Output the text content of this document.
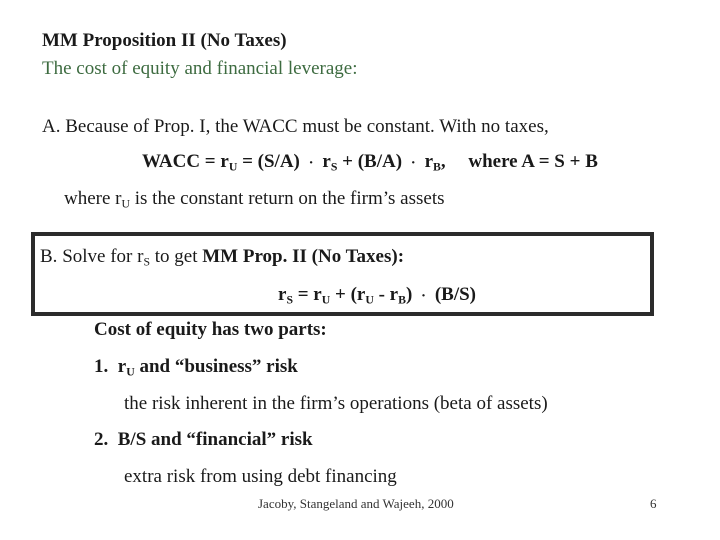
MM Proposition II (No Taxes)
The cost of equity and financial leverage:
A. Because of Prop. I, the WACC must be constant. With no taxes,
WACC = $r_U = (S/A) \cdot r_S + (B/A) \cdot r_B$, where A = S + B
where $r_U$ is the constant return on the firm’s assets
B. Solve for $r_S$ to get MM Prop. II (No Taxes):
$r_S = r_U + (r_U - r_B) \cdot (B/S)$
Cost of equity has two parts:
1. $r_U$ and “business” risk
the risk inherent in the firm’s operations (beta of assets)
2. B/S and “financial” risk
extra risk from using debt financing
Jacoby, Stangeland and Wajeeh, 2000	6
